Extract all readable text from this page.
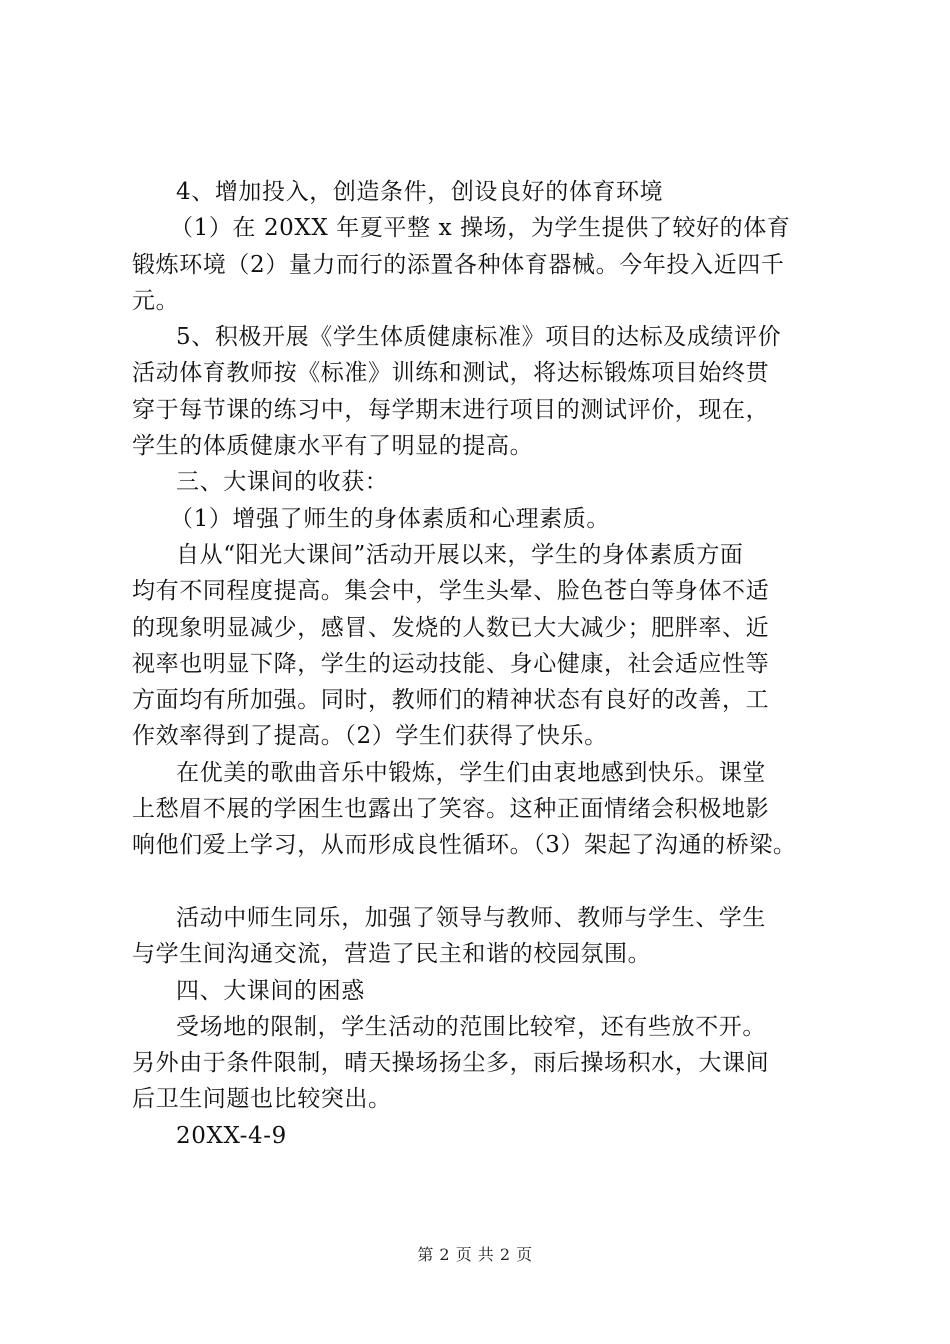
4、增加投入，创造条件，创设良好的体育环境
（1）在 20XX 年夏平整 x 操场，为学生提供了较好的体育
锻炼环境（2）量力而行的添置各种体育器械。今年投入近四千
元。
5、积极开展《学生体质健康标准》项目的达标及成绩评价
活动体育教师按《标准》训练和测试，将达标锻炼项目始终贯
穿于每节课的练习中，每学期末进行项目的测试评价，现在，
学生的体质健康水平有了明显的提高。
三、大课间的收获：
（1）增强了师生的身体素质和心理素质。
自从“阳光大课间”活动开展以来，学生的身体素质方面
均有不同程度提高。集会中，学生头晕、脸色苍白等身体不适
的现象明显减少，感冒、发烧的人数已大大减少；肥胖率、近
视率也明显下降，学生的运动技能、身心健康，社会适应性等
方面均有所加强。同时，教师们的精神状态有良好的改善，工
作效率得到了提高。（2）学生们获得了快乐。
在优美的歌曲音乐中锻炼，学生们由衷地感到快乐。课堂
上愁眉不展的学困生也露出了笑容。这种正面情绪会积极地影
响他们爱上学习，从而形成良性循环。（3）架起了沟通的桥梁。
活动中师生同乐，加强了领导与教师、教师与学生、学生
与学生间沟通交流，营造了民主和谐的校园氛围。
四、大课间的困惑
受场地的限制，学生活动的范围比较窄，还有些放不开。
另外由于条件限制，晴天操场扬尘多，雨后操场积水，大课间
后卫生问题也比较突出。
20XX-4-9
第 2 页 共 2 页
